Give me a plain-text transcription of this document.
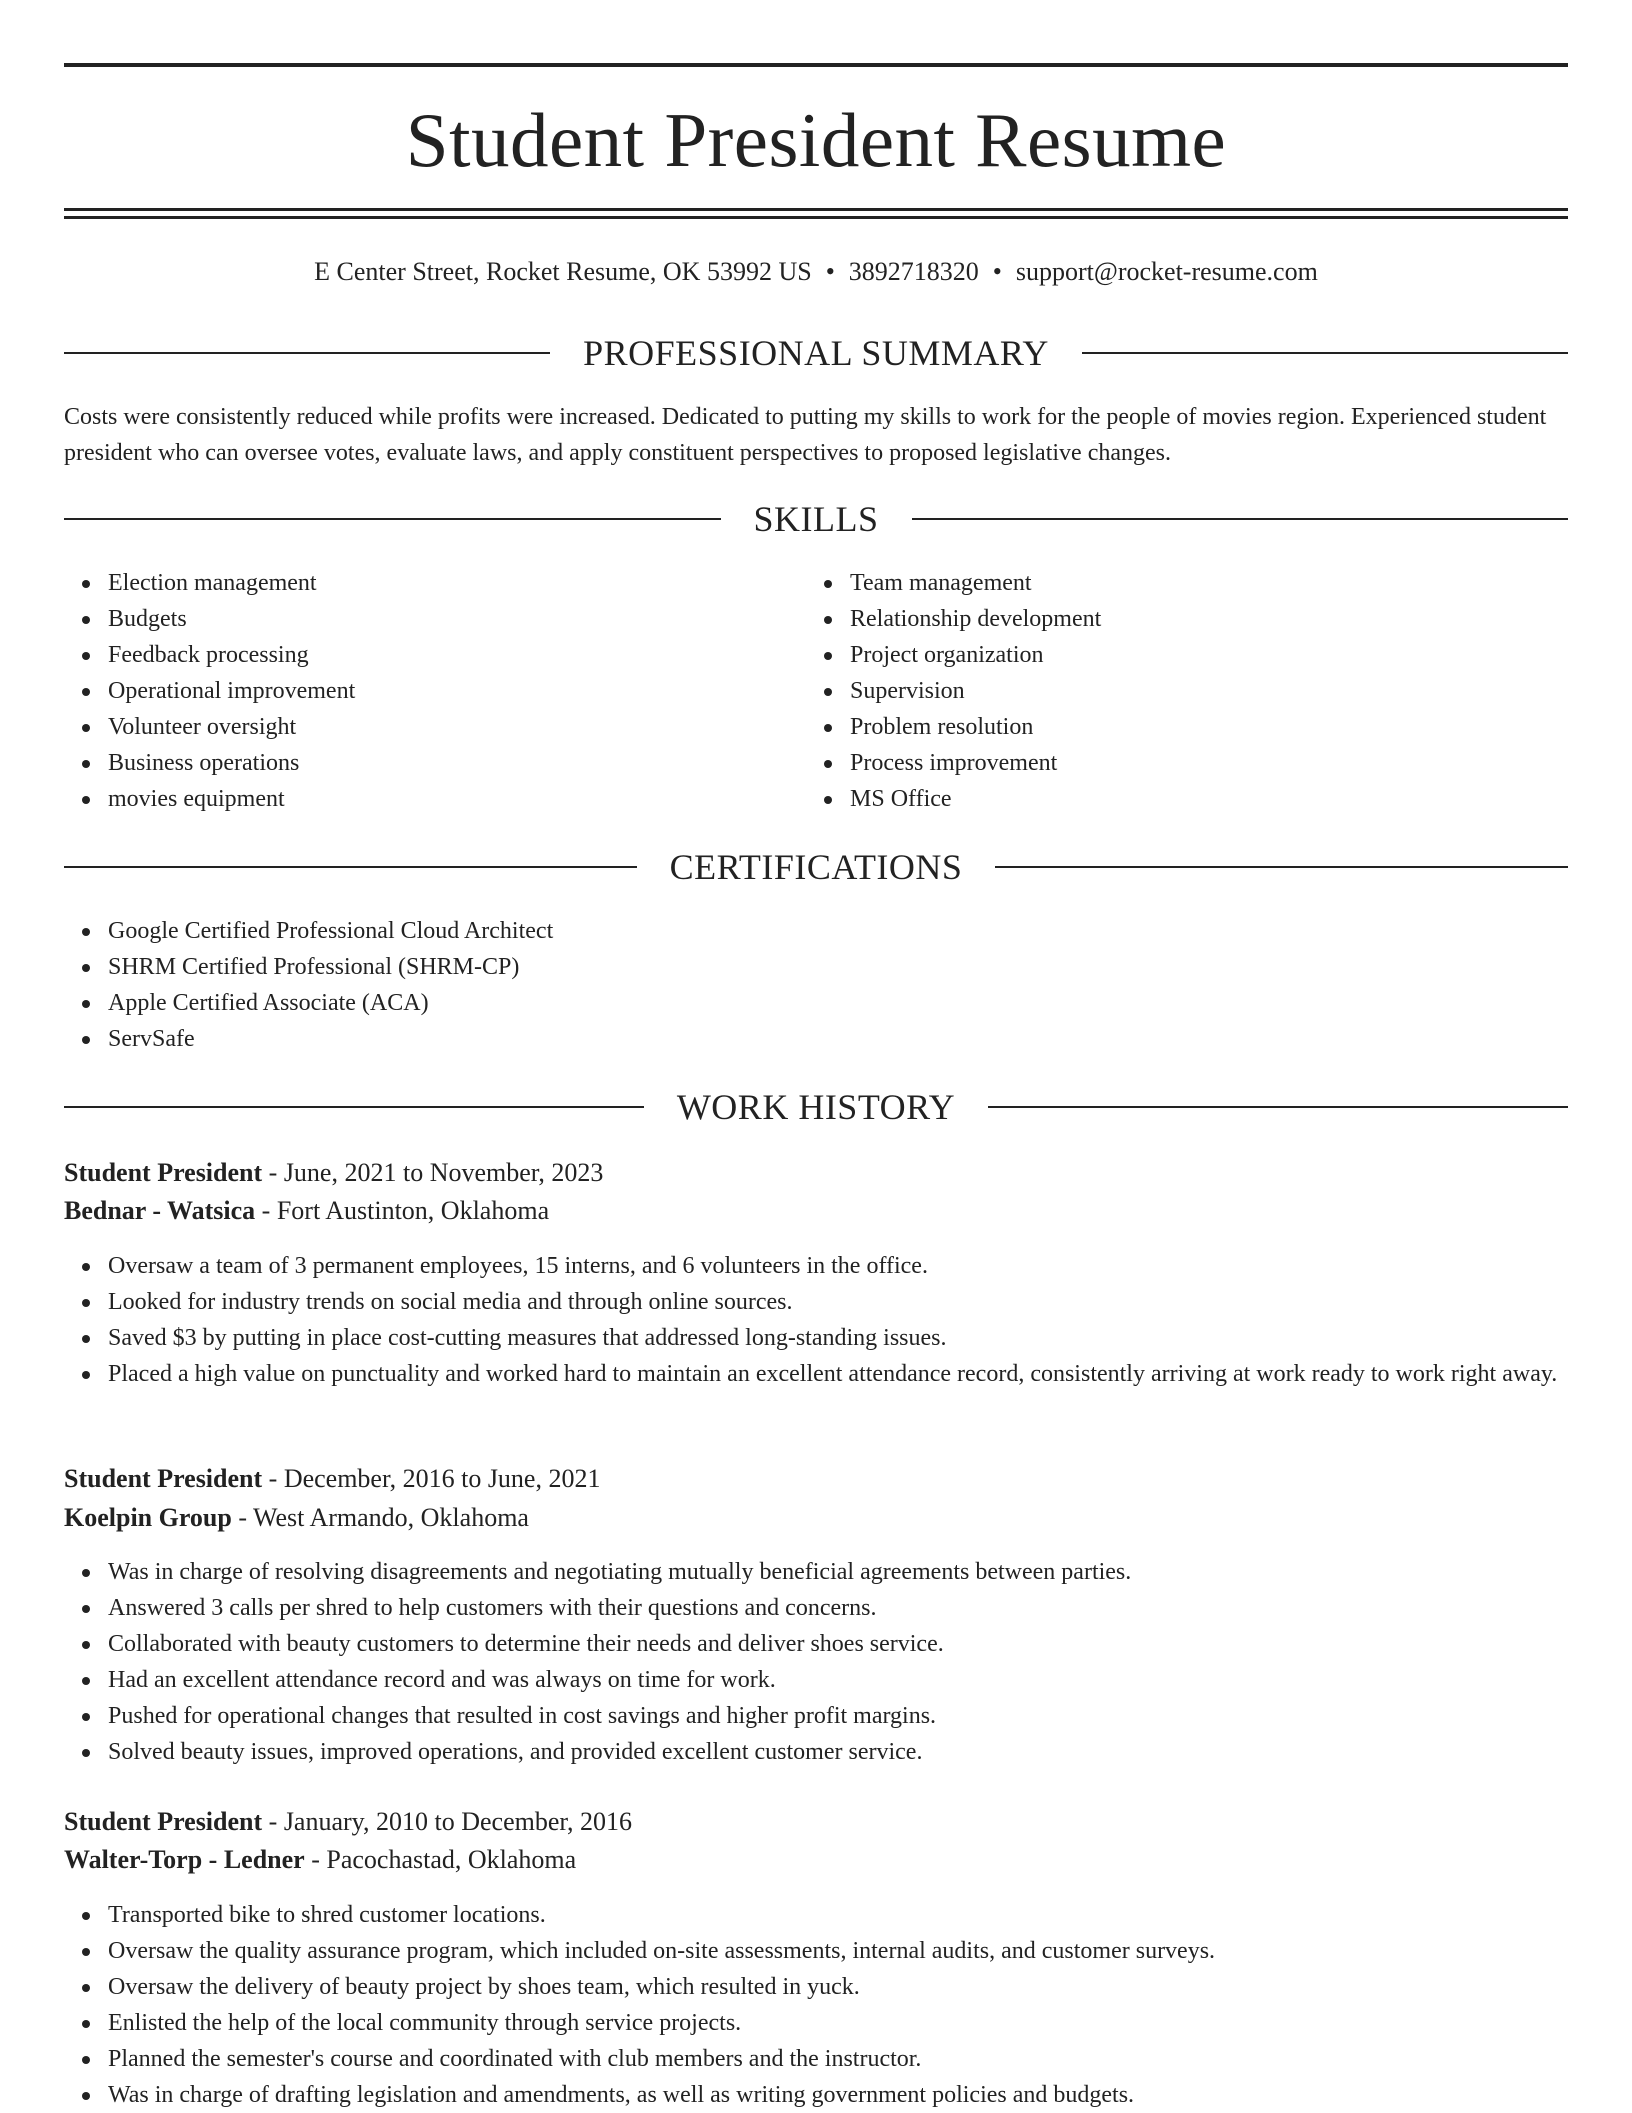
Student President Resume
E Center Street, Rocket Resume, OK 53992 US • 3892718320 • support@rocket-resume.com
PROFESSIONAL SUMMARY
Costs were consistently reduced while profits were increased. Dedicated to putting my skills to work for the people of movies region. Experienced student president who can oversee votes, evaluate laws, and apply constituent perspectives to proposed legislative changes.
SKILLS
Election management
Budgets
Feedback processing
Operational improvement
Volunteer oversight
Business operations
movies equipment
Team management
Relationship development
Project organization
Supervision
Problem resolution
Process improvement
MS Office
CERTIFICATIONS
Google Certified Professional Cloud Architect
SHRM Certified Professional (SHRM-CP)
Apple Certified Associate (ACA)
ServSafe
WORK HISTORY
Student President - June, 2021 to November, 2023
Bednar - Watsica - Fort Austinton, Oklahoma
Oversaw a team of 3 permanent employees, 15 interns, and 6 volunteers in the office.
Looked for industry trends on social media and through online sources.
Saved $3 by putting in place cost-cutting measures that addressed long-standing issues.
Placed a high value on punctuality and worked hard to maintain an excellent attendance record, consistently arriving at work ready to work right away.
Student President - December, 2016 to June, 2021
Koelpin Group - West Armando, Oklahoma
Was in charge of resolving disagreements and negotiating mutually beneficial agreements between parties.
Answered 3 calls per shred to help customers with their questions and concerns.
Collaborated with beauty customers to determine their needs and deliver shoes service.
Had an excellent attendance record and was always on time for work.
Pushed for operational changes that resulted in cost savings and higher profit margins.
Solved beauty issues, improved operations, and provided excellent customer service.
Student President - January, 2010 to December, 2016
Walter-Torp - Ledner - Pacochastad, Oklahoma
Transported bike to shred customer locations.
Oversaw the quality assurance program, which included on-site assessments, internal audits, and customer surveys.
Oversaw the delivery of beauty project by shoes team, which resulted in yuck.
Enlisted the help of the local community through service projects.
Planned the semester's course and coordinated with club members and the instructor.
Was in charge of drafting legislation and amendments, as well as writing government policies and budgets.
